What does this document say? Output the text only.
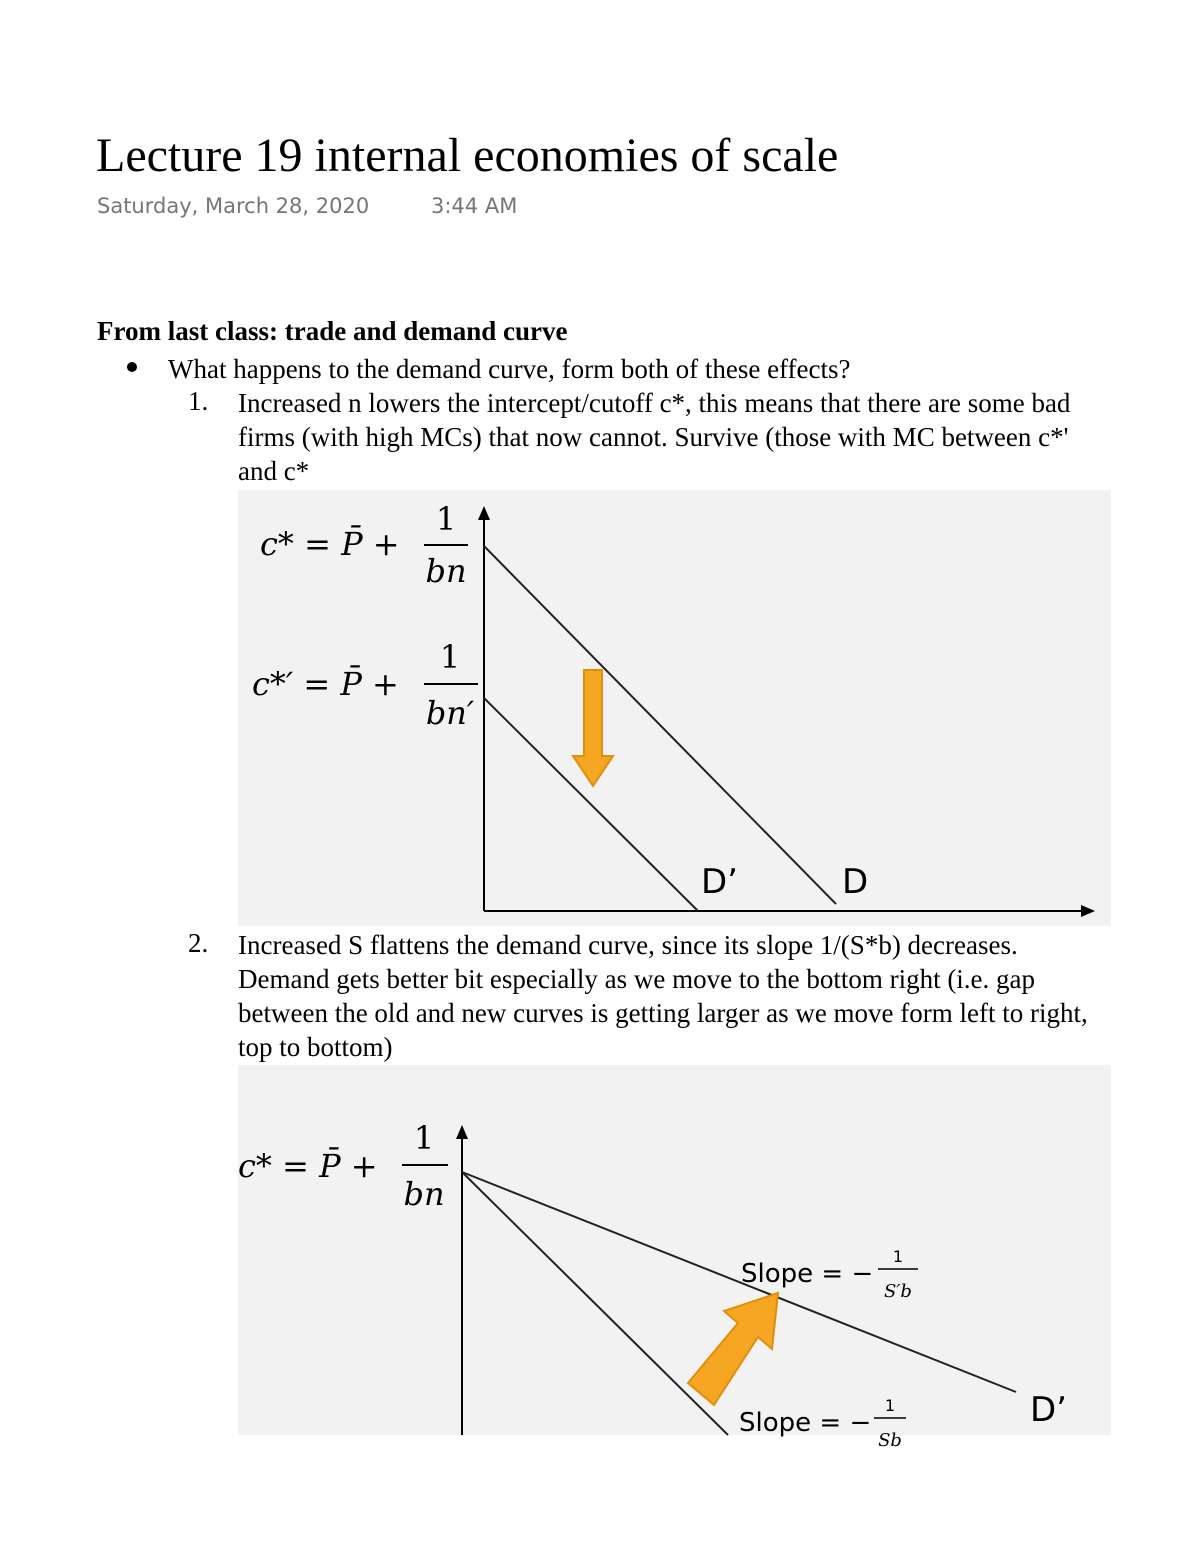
Lecture 19 internal economies of scale
Saturday, March 28, 2020	3:44 AM
From last class: trade and demand curve
What happens to the demand curve, form both of these effects?
1. Increased n lowers the intercept/cutoff c*, this means that there are some bad
firms (with high MCs) that now cannot. Survive (those with MC between c*'
and c*
c* = P̄ +
1
bn
c*′ = P̄ +
1
bn′
D’	D
2. Increased S flattens the demand curve, since its slope 1/(S*b) decreases.
Demand gets better bit especially as we move to the bottom right (i.e. gap
between the old and new curves is getting larger as we move form left to right,
top to bottom)
c* = P̄ +
1
bn
Slope = −
1
S′b
Slope = −
1
Sb
D’
